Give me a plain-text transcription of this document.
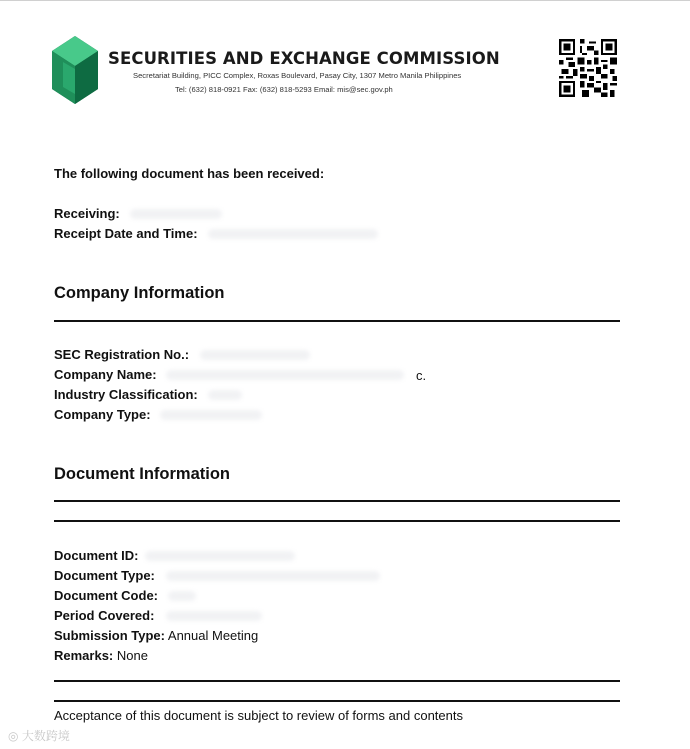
SECURITIES AND EXCHANGE COMMISSION
Secretariat Building, PICC Complex, Roxas Boulevard, Pasay City, 1307 Metro Manila Philippines
Tel: (632) 818-0921 Fax: (632) 818-5293 Email: mis@sec.gov.ph
The following document has been received:
Receiving:
Receipt Date and Time:
Company Information
SEC Registration No.:
Company Name:	c.
Industry Classification:
Company Type:
Document Information
Document ID:
Document Type:
Document Code:
Period Covered:
Submission Type: Annual Meeting
Remarks: None
Acceptance of this document is subject to review of forms and contents
◎ 大数跨境
